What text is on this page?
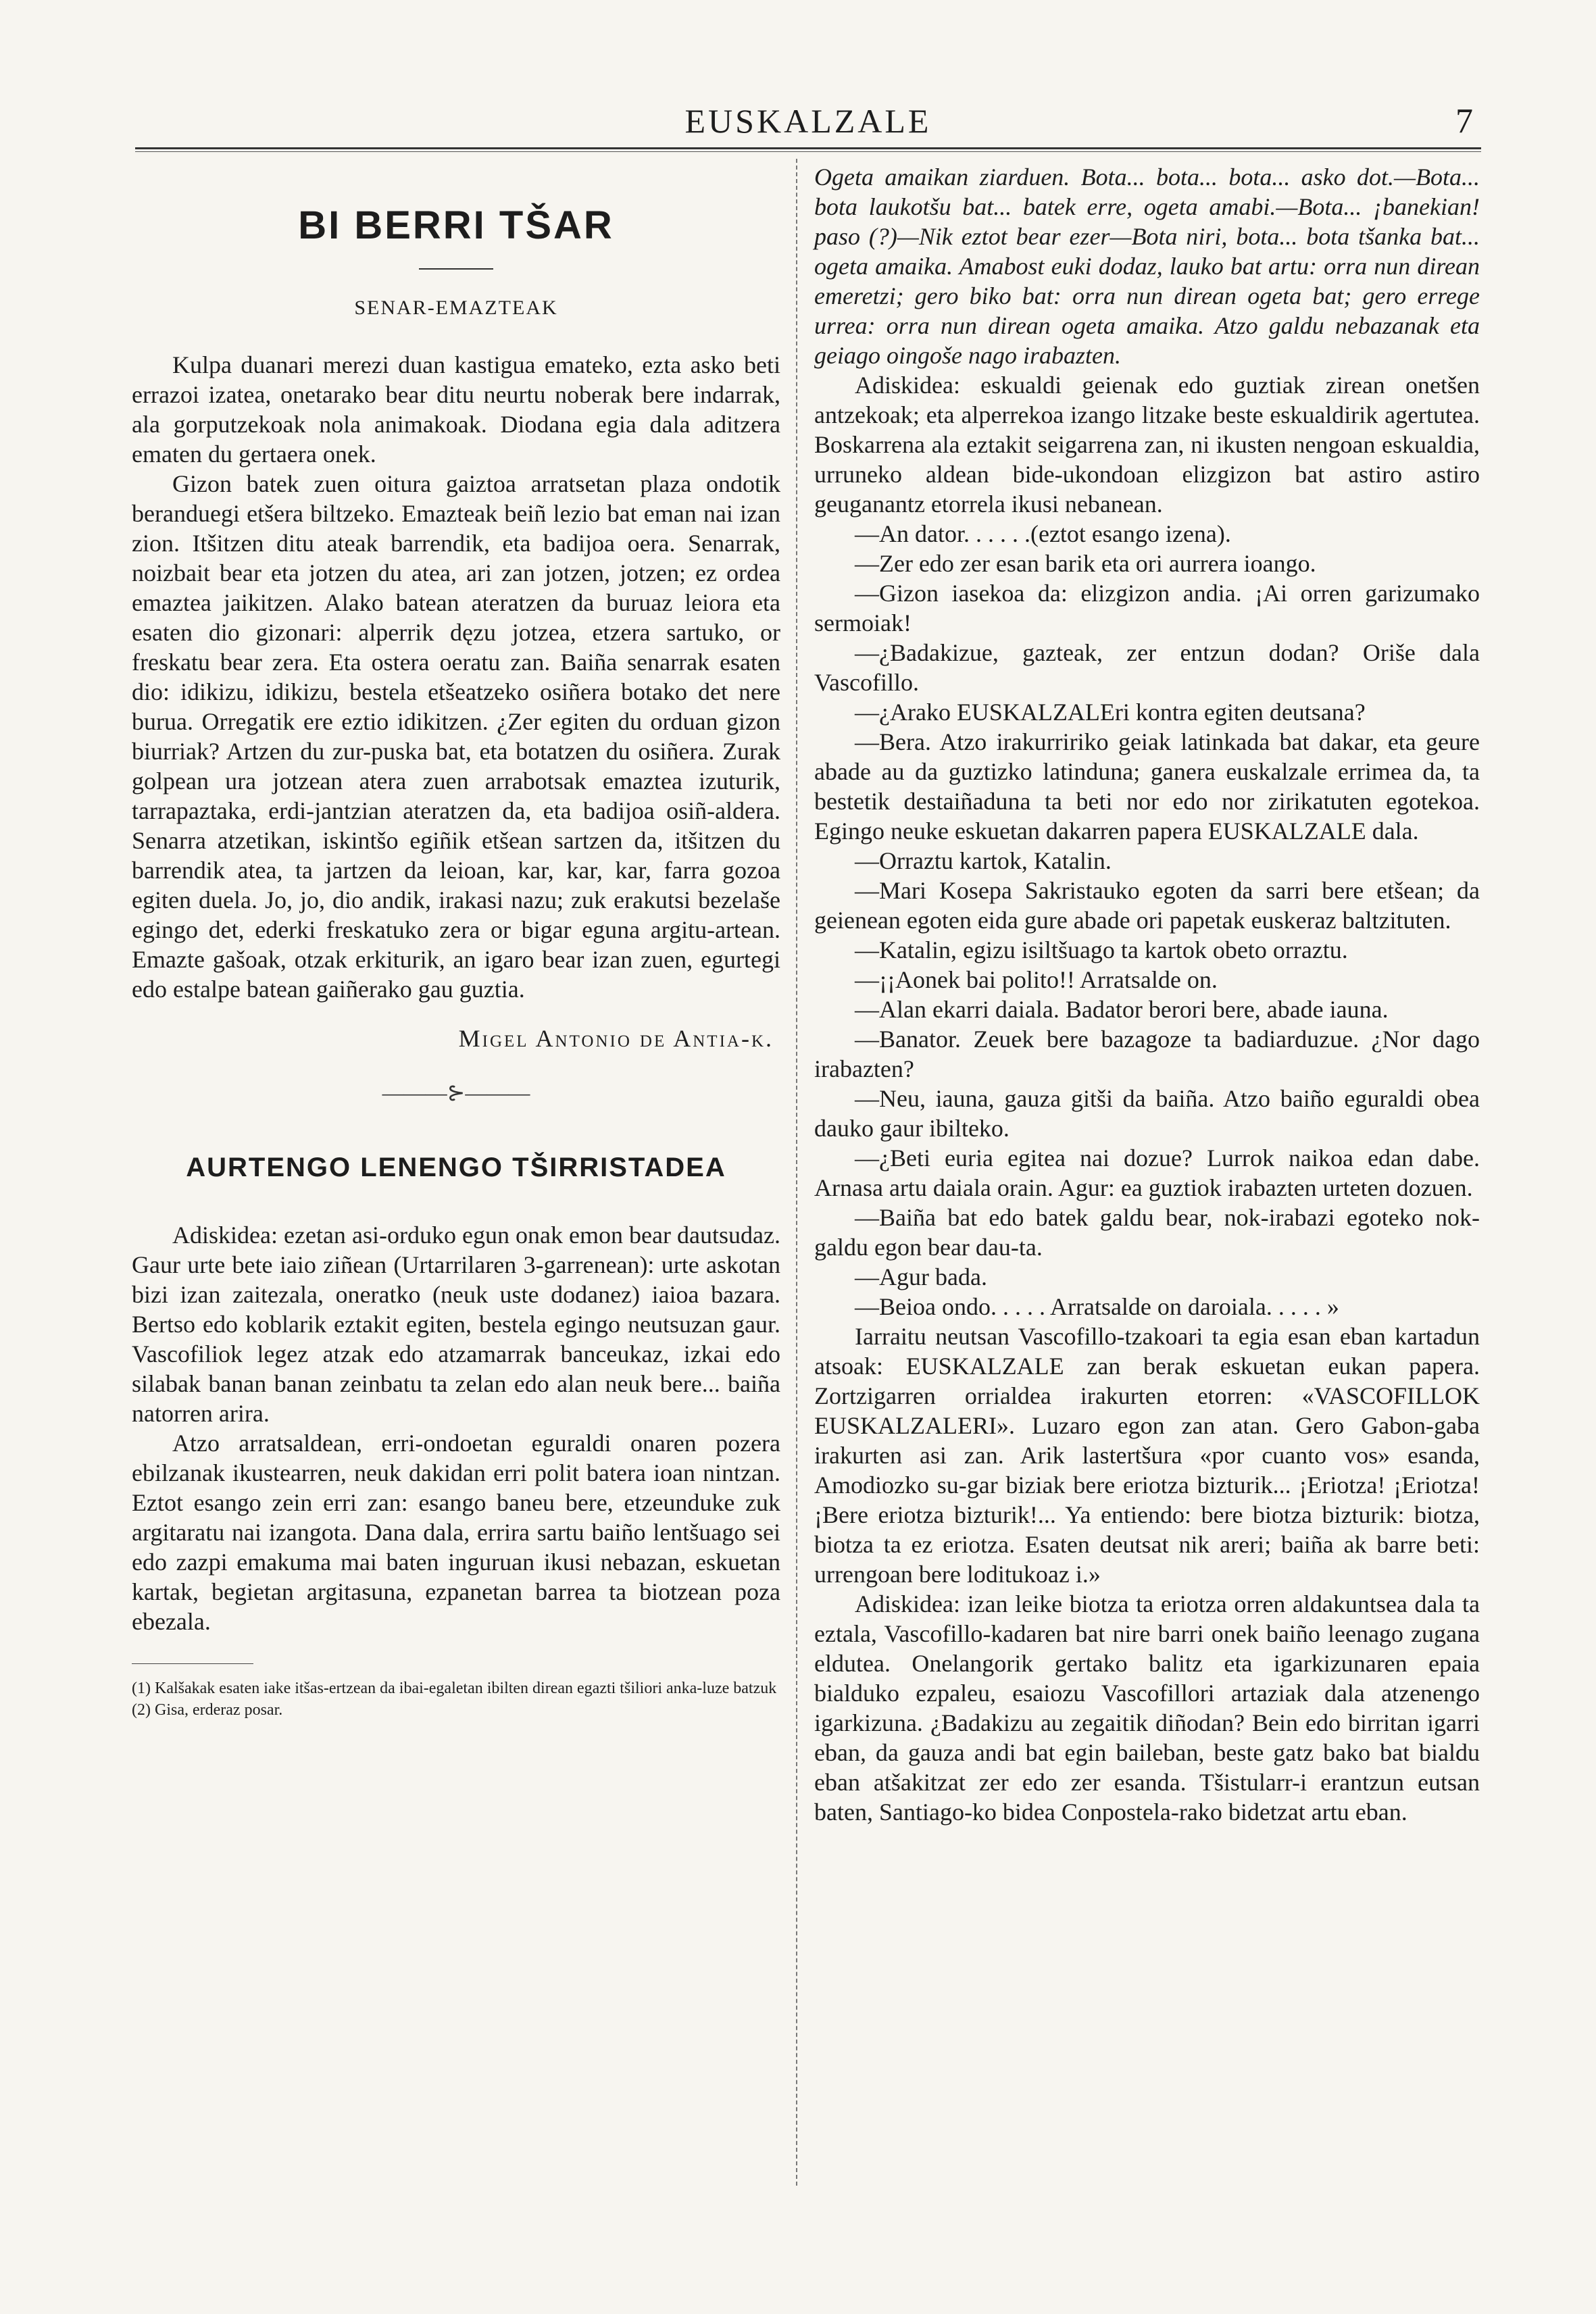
EUSKALZALE	7
BI BERRI TŠAR
SENAR-EMAZTEAK

Kulpa duanari merezi duan kastigua emateko, ezta asko beti errazoi izatea, onetarako bear ditu neurtu noberak bere indarrak, ala gorputzekoak nola animakoak. Diodana egia dala aditzera ematen du gertaera onek.

Gizon batek zuen oitura gaiztoa arratsetan plaza ondotik beranduegi etšera biltzeko. Emazteak beiñ lezio bat eman nai izan zion. Itšitzen ditu ateak barrendik, eta badijoa oera. Senarrak, noizbait bear eta jotzen du atea, ari zan jotzen, jotzen; ez ordea emaztea jaikitzen. Alako batean ateratzen da buruaz leiora eta esaten dio gizonari: alperrik dęzu jotzea, etzera sartuko, or freskatu bear zera. Eta ostera oeratu zan. Baiña senarrak esaten dio: idikizu, idikizu, bestela etšeatzeko osiñera botako det nere burua. Orregatik ere eztio idikitzen. ¿Zer egiten du orduan gizon biurriak? Artzen du zur-puska bat, eta botatzen du osiñera. Zurak golpean ura jotzean atera zuen arrabotsak emaztea izuturik, tarrapaztaka, erdi-jantzian ateratzen da, eta badijoa osiñ-aldera. Senarra atzetikan, iskintšo egiñik etšean sartzen da, itšitzen du barrendik atea, ta jartzen da leioan, kar, kar, kar, farra gozoa egiten duela. Jo, jo, dio andik, irakasi nazu; zuk erakutsi bezelaše egingo det, ederki freskatuko zera or bigar eguna argitu-artean. Emazte gašoak, otzak erkiturik, an igaro bear izan zuen, egurtegi edo estalpe batean gaiñerako gau guztia.

Migel Antonio de Antia-k.
———⊱———
AURTENGO LENENGO TŠIRRISTADEA

Adiskidea: ezetan asi-orduko egun onak emon bear dautsudaz. Gaur urte bete iaio ziñean (Urtarrilaren 3-garrenean): urte askotan bizi izan zaitezala, oneratko (neuk uste dodanez) iaioa bazara. Bertso edo koblarik eztakit egiten, bestela egingo neutsuzan gaur. Vascofiliok legez atzak edo atzamarrak banceukaz, izkai edo silabak banan banan zeinbatu ta zelan edo alan neuk bere... baiña natorren arira.

Atzo arratsaldean, erri-ondoetan eguraldi onaren pozera ebilzanak ikustearren, neuk dakidan erri polit batera ioan nintzan. Eztot esango zein erri zan: esango baneu bere, etzeunduke zuk argitaratu nai izangota. Dana dala, errira sartu baiño lentšuago sei edo zazpi emakuma mai baten inguruan ikusi nebazan, eskuetan kartak, begietan argitasuna, ezpanetan barrea ta biotzean poza ebezala.

(1) Kalšakak esaten iake itšas-ertzean da ibai-egaletan ibilten direan egazti tšiliori anka-luze batzuk

(2) Gisa, erderaz posar.

Ogeta amaikan ziarduen. Bota... bota... bota... asko dot.—Bota... bota laukotšu bat... batek erre, ogeta amabi.—Bota... ¡banekian! paso (?)—Nik eztot bear ezer—Bota niri, bota... bota tšanka bat... ogeta amaika. Amabost euki dodaz, lauko bat artu: orra nun direan emeretzi; gero biko bat: orra nun direan ogeta bat; gero errege urrea: orra nun direan ogeta amaika. Atzo galdu nebazanak eta geiago oingoše nago irabazten.

Adiskidea: eskualdi geienak edo guztiak zirean onetšen antzekoak; eta alperrekoa izango litzake beste eskualdirik agertutea. Boskarrena ala eztakit seigarrena zan, ni ikusten nengoan eskualdia, urruneko aldean bide-ukondoan elizgizon bat astiro astiro geuganantz etorrela ikusi nebanean.

—An dator. . . . . .(eztot esango izena).

—Zer edo zer esan barik eta ori aurrera ioango.

—Gizon iasekoa da: elizgizon andia. ¡Ai orren garizumako sermoiak!

—¿Badakizue, gazteak, zer entzun dodan? Oriše dala Vascofillo.

—¿Arako EUSKALZALEri kontra egiten deutsana?

—Bera. Atzo irakurririko geiak latinkada bat dakar, eta geure abade au da guztizko latinduna; ganera euskalzale errimea da, ta bestetik destaiñaduna ta beti nor edo nor zirikatuten egotekoa. Egingo neuke eskuetan dakarren papera EUSKALZALE dala.

—Orraztu kartok, Katalin.

—Mari Kosepa Sakristauko egoten da sarri bere etšean; da geienean egoten eida gure abade ori papetak euskeraz baltzituten.

—Katalin, egizu isiltšuago ta kartok obeto orraztu.

—¡¡Aonek bai polito!! Arratsalde on.

—Alan ekarri daiala. Badator berori bere, abade iauna.

—Banator. Zeuek bere bazagoze ta badiarduzue. ¿Nor dago irabazten?

—Neu, iauna, gauza gitši da baiña. Atzo baiño eguraldi obea dauko gaur ibilteko.

—¿Beti euria egitea nai dozue? Lurrok naikoa edan dabe. Arnasa artu daiala orain. Agur: ea guztiok irabazten urteten dozuen.

—Baiña bat edo batek galdu bear, nok-irabazi egoteko nok-galdu egon bear dau-ta.

—Agur bada.

—Beioa ondo. . . . . Arratsalde on daroiala. . . . . »

Iarraitu neutsan Vascofillo-tzakoari ta egia esan eban kartadun atsoak: EUSKALZALE zan berak eskuetan eukan papera. Zortzigarren orrialdea irakurten etorren: «VASCOFILLOK EUSKALZALERI». Luzaro egon zan atan. Gero Gabon-gaba irakurten asi zan. Arik lastertšura «por cuanto vos» esanda, Amodiozko su-gar biziak bere eriotza bizturik... ¡Eriotza! ¡Eriotza! ¡Bere eriotza bizturik!... Ya entiendo: bere biotza bizturik: biotza, biotza ta ez eriotza. Esaten deutsat nik areri; baiña ak barre beti: urrengoan bere loditukoaz i.»

Adiskidea: izan leike biotza ta eriotza orren aldakuntsea dala ta eztala, Vascofillo-kadaren bat nire barri onek baiño leenago zugana eldutea. Onelangorik gertako balitz eta igarkizunaren epaia bialduko ezpaleu, esaiozu Vascofillori artaziak dala atzenengo igarkizuna. ¿Badakizu au zegaitik diñodan? Bein edo birritan igarri eban, da gauza andi bat egin baileban, beste gatz bako bat bialdu eban atšakitzat zer edo zer esanda. Tšistularr-i erantzun eutsan baten, Santiago-ko bidea Conpostela-rako bidetzat artu eban.
